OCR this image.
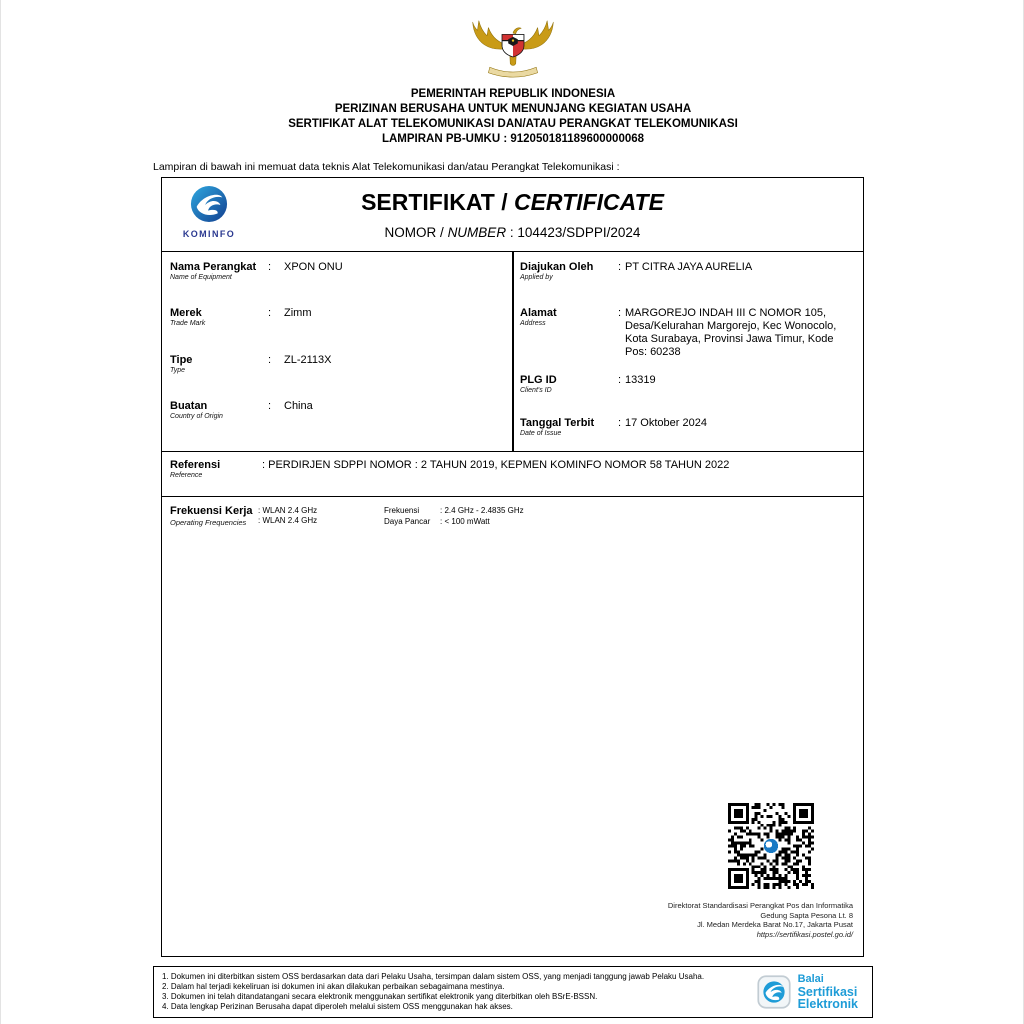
PEMERINTAH REPUBLIK INDONESIA
PERIZINAN BERUSAHA UNTUK MENUNJANG KEGIATAN USAHA
SERTIFIKAT ALAT TELEKOMUNIKASI DAN/ATAU PERANGKAT TELEKOMUNIKASI
LAMPIRAN PB-UMKU : 912050181189600000068
Lampiran di bawah ini memuat data teknis Alat Telekomunikasi dan/atau Perangkat Telekomunikasi :
KOMINFO
SERTIFIKAT / CERTIFICATE
NOMOR / NUMBER : 104423/SDPPI/2024
Nama Perangkat
Name of Equipment
: XPON ONU
Merek
Trade Mark
: Zimm
Tipe
Type
: ZL-2113X
Buatan
Country of Origin
: China
Diajukan Oleh
Applied by
: PT CITRA JAYA AURELIA
Alamat
Address
: MARGOREJO INDAH III C NOMOR 105, Desa/Kelurahan Margorejo, Kec Wonocolo, Kota Surabaya, Provinsi Jawa Timur, Kode Pos: 60238
PLG ID
Client's ID
: 13319
Tanggal Terbit
Date of Issue
: 17 Oktober 2024
Referensi
Reference
: PERDIRJEN SDPPI NOMOR : 2 TAHUN 2019, KEPMEN KOMINFO NOMOR 58 TAHUN 2022
Frekuensi Kerja
Operating Frequencies
: WLAN 2.4 GHz
: WLAN 2.4 GHz
Frekuensi	: 2.4 GHz - 2.4835 GHz
Daya Pancar : < 100 mWatt
Direktorat Standardisasi Perangkat Pos dan Informatika
Gedung Sapta Pesona Lt. 8
Jl. Medan Merdeka Barat No.17, Jakarta Pusat
https://sertifikasi.postel.go.id/
1. Dokumen ini diterbitkan sistem OSS berdasarkan data dari Pelaku Usaha, tersimpan dalam sistem OSS, yang menjadi tanggung jawab Pelaku Usaha.
2. Dalam hal terjadi kekeliruan isi dokumen ini akan dilakukan perbaikan sebagaimana mestinya.
3. Dokumen ini telah ditandatangani secara elektronik menggunakan sertifikat elektronik yang diterbitkan oleh BSrE-BSSN.
4. Data lengkap Perizinan Berusaha dapat diperoleh melalui sistem OSS menggunakan hak akses.
Balai
Sertifikasi
Elektronik
